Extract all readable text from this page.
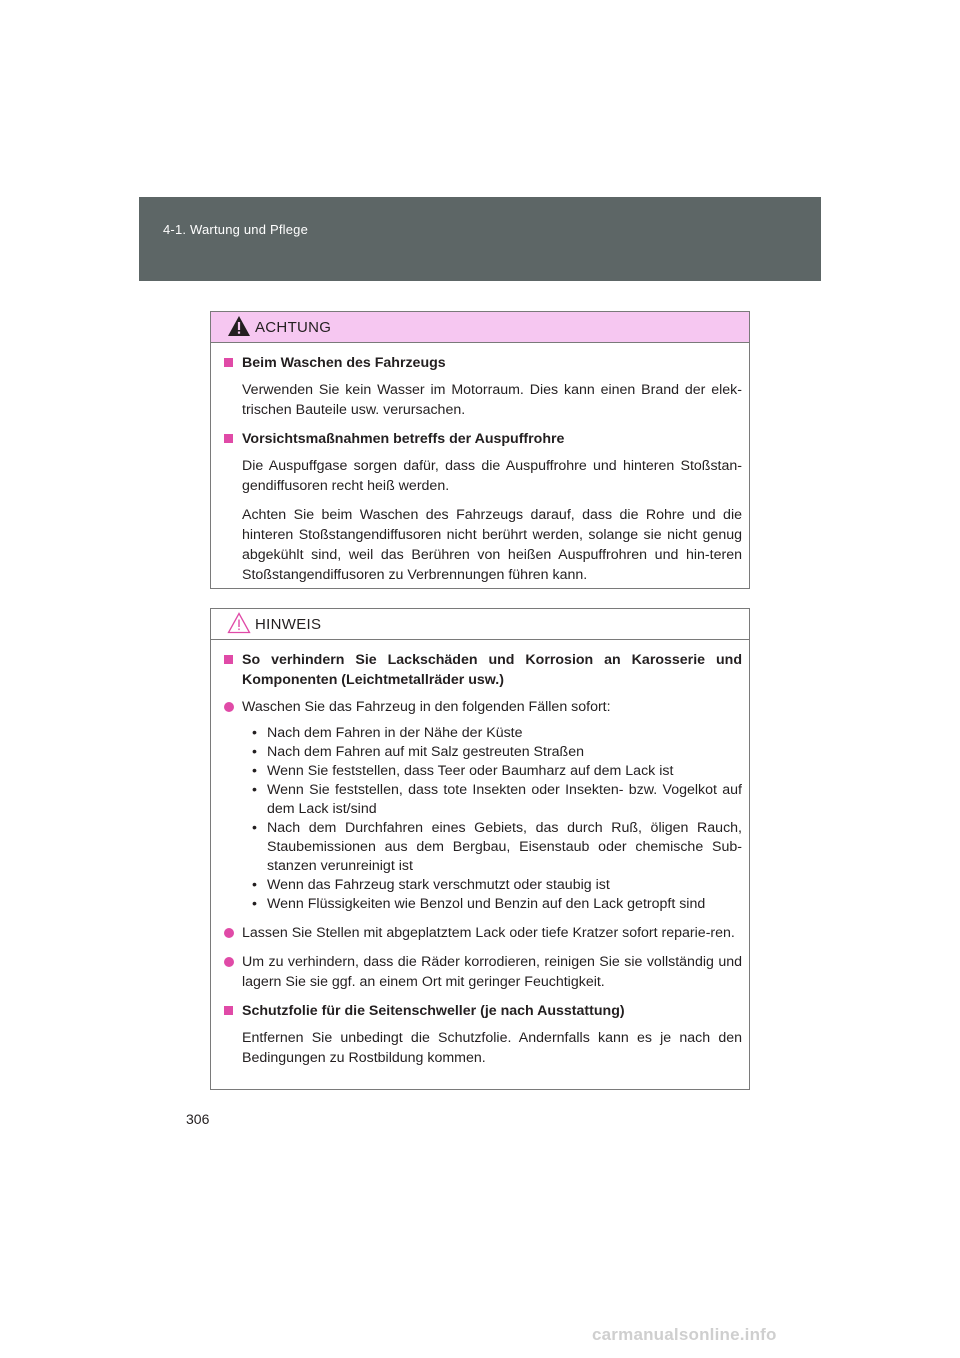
4-1. Wartung und Pflege
ACHTUNG
Beim Waschen des Fahrzeugs
Verwenden Sie kein Wasser im Motorraum. Dies kann einen Brand der elek-trischen Bauteile usw. verursachen.
Vorsichtsmaßnahmen betreffs der Auspuffrohre
Die Auspuffgase sorgen dafür, dass die Auspuffrohre und hinteren Stoßstan-gendiffusoren recht heiß werden.
Achten Sie beim Waschen des Fahrzeugs darauf, dass die Rohre und die hinteren Stoßstangendiffusoren nicht berührt werden, solange sie nicht genug abgekühlt sind, weil das Berühren von heißen Auspuffrohren und hin-teren Stoßstangendiffusoren zu Verbrennungen führen kann.
HINWEIS
So verhindern Sie Lackschäden und Korrosion an Karosserie und Komponenten (Leichtmetallräder usw.)
Waschen Sie das Fahrzeug in den folgenden Fällen sofort:
• Nach dem Fahren in der Nähe der Küste
• Nach dem Fahren auf mit Salz gestreuten Straßen
• Wenn Sie feststellen, dass Teer oder Baumharz auf dem Lack ist
• Wenn Sie feststellen, dass tote Insekten oder Insekten- bzw. Vogelkot auf dem Lack ist/sind
• Nach dem Durchfahren eines Gebiets, das durch Ruß, öligen Rauch, Staubemissionen aus dem Bergbau, Eisenstaub oder chemische Sub-stanzen verunreinigt ist
• Wenn das Fahrzeug stark verschmutzt oder staubig ist
• Wenn Flüssigkeiten wie Benzol und Benzin auf den Lack getropft sind
Lassen Sie Stellen mit abgeplatztem Lack oder tiefe Kratzer sofort reparie-ren.
Um zu verhindern, dass die Räder korrodieren, reinigen Sie sie vollständig und lagern Sie sie ggf. an einem Ort mit geringer Feuchtigkeit.
Schutzfolie für die Seitenschweller (je nach Ausstattung)
Entfernen Sie unbedingt die Schutzfolie. Andernfalls kann es je nach den Bedingungen zu Rostbildung kommen.
306
carmanualsonline.info
